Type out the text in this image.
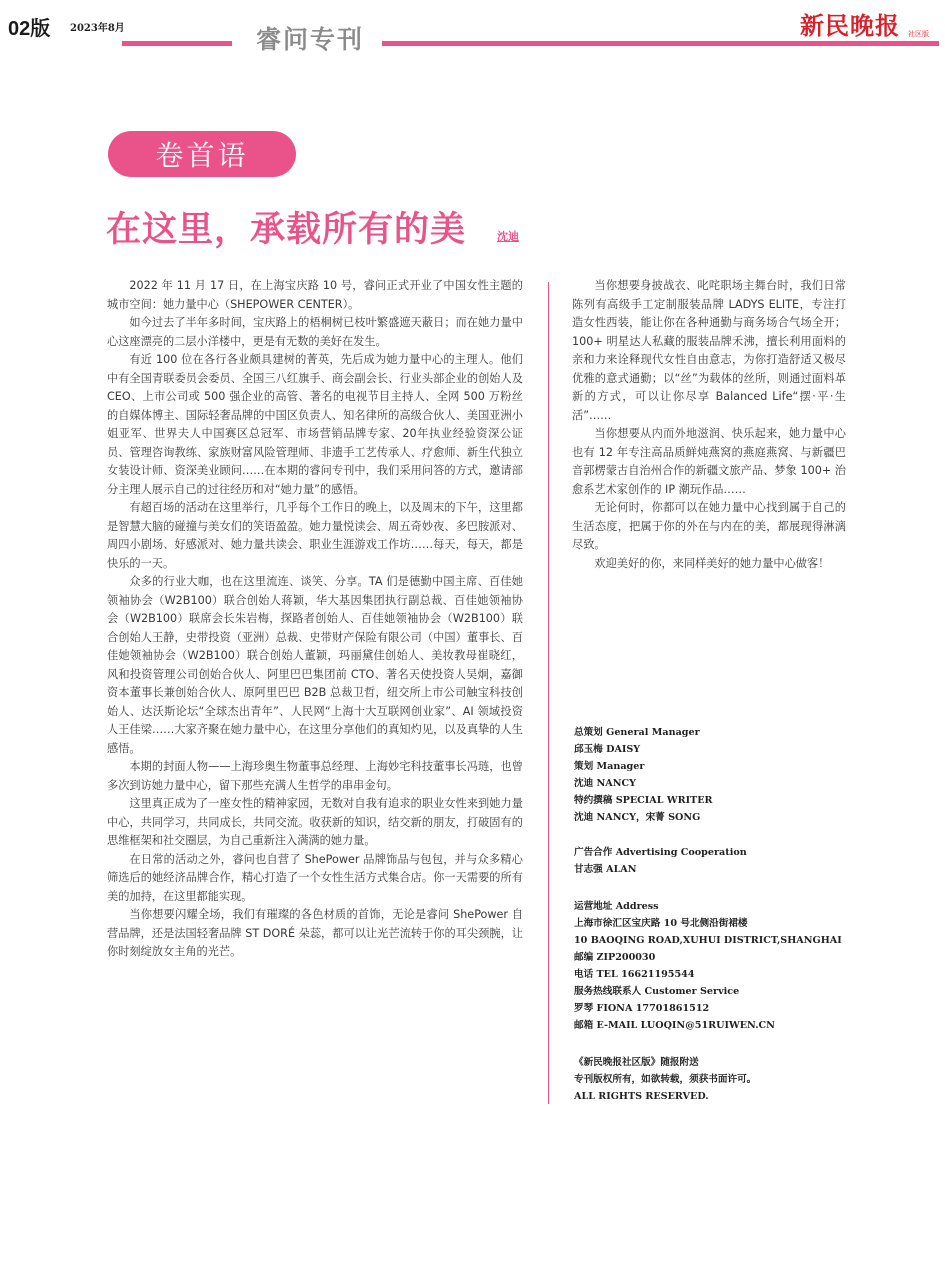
02版 2023年8月	睿问专刊	新民晚报 社区版
卷首语
在这里，承载所有的美	沈迪

2022 年 11 月 17 日，在上海宝庆路 10 号，睿问正式开业了中国女性主题的城市空间：她力量中心（SHEPOWER CENTER）。

如今过去了半年多时间，宝庆路上的梧桐树已枝叶繁盛遮天蔽日；而在她力量中心这座漂亮的二层小洋楼中，更是有无数的美好在发生。

有近 100 位在各行各业颇具建树的菁英，先后成为她力量中心的主理人。他们中有全国青联委员会委员、全国三八红旗手、商会副会长、行业头部企业的创始人及 CEO、上市公司或 500 强企业的高管、著名的电视节目主持人、全网 500 万粉丝的自媒体博主、国际轻奢品牌的中国区负责人、知名律所的高级合伙人、美国亚洲小姐亚军、世界夫人中国赛区总冠军、市场营销品牌专家、20年执业经验资深公证员、管理咨询教练、家族财富风险管理师、非遗手工艺传承人、疗愈师、新生代独立女装设计师、资深美业顾问……在本期的睿问专刊中，我们采用问答的方式，邀请部分主理人展示自己的过往经历和对“她力量”的感悟。

有超百场的活动在这里举行，几乎每个工作日的晚上，以及周末的下午，这里都是智慧大脑的碰撞与美女们的笑语盈盈。她力量悦读会、周五奇妙夜、多巴胺派对、周四小剧场、好感派对、她力量共读会、职业生涯游戏工作坊……每天，每天，都是快乐的一天。

众多的行业大咖，也在这里流连、谈笑、分享。TA 们是德勤中国主席、百佳她领袖协会（W2B100）联合创始人蒋颖，华大基因集团执行副总裁、百佳她领袖协会（W2B100）联席会长朱岩梅，探路者创始人、百佳她领袖协会（W2B100）联合创始人王静，史带投资（亚洲）总裁、史带财产保险有限公司（中国）董事长、百佳她领袖协会（W2B100）联合创始人董颖，玛丽黛佳创始人、美妆教母崔晓红，风和投资管理公司创始合伙人、阿里巴巴集团前 CTO、著名天使投资人吴炯，嘉御资本董事长兼创始合伙人、原阿里巴巴 B2B 总裁卫哲，纽交所上市公司触宝科技创始人、达沃斯论坛“全球杰出青年”、人民网“上海十大互联网创业家”、AI 领域投资人王佳梁……大家齐聚在她力量中心，在这里分享他们的真知灼见，以及真挚的人生感悟。

本期的封面人物——上海珍奥生物董事总经理、上海妙宅科技董事长冯琏，也曾多次到访她力量中心，留下那些充满人生哲学的串串金句。

这里真正成为了一座女性的精神家园，无数对自我有追求的职业女性来到她力量中心，共同学习，共同成长，共同交流。收获新的知识，结交新的朋友，打破固有的思维框架和社交圈层，为自己重新注入满满的她力量。

在日常的活动之外，睿问也自营了 ShePower 品牌饰品与包包，并与众多精心筛选后的她经济品牌合作，精心打造了一个女性生活方式集合店。你一天需要的所有美的加持，在这里都能实现。

当你想要闪耀全场，我们有璀璨的各色材质的首饰，无论是睿问 ShePower 自营品牌，还是法国轻奢品牌 ST DORÉ 朵蕊，都可以让光芒流转于你的耳尖颈腕，让你时刻绽放女主角的光芒。

当你想要身披战衣、叱咤职场主舞台时，我们日常陈列有高级手工定制服装品牌 LADYS ELITE，专注打造女性西装，能让你在各种通勤与商务场合气场全开；100+ 明星达人私藏的服装品牌禾沸，擅长利用面料的亲和力来诠释现代女性自由意志，为你打造舒适又极尽优雅的意式通勤；以“丝”为载体的丝所，则通过面料革新的方式，可以让你尽享 Balanced Life“摆·平·生活”……

当你想要从内而外地滋润、快乐起来，她力量中心也有 12 年专注高品质鲜炖燕窝的燕庭燕窝、与新疆巴音郭楞蒙古自治州合作的新疆文旅产品、梦象 100+ 治愈系艺术家创作的 IP 潮玩作品……

无论何时，你都可以在她力量中心找到属于自己的生活态度，把属于你的外在与内在的美，都展现得淋漓尽致。

欢迎美好的你，来同样美好的她力量中心做客！

总策划 General Manager
邱玉梅 DAISY
策划 Manager
沈迪 NANCY
特约撰稿 SPECIAL WRITER
沈迪 NANCY，宋菁 SONG
广告合作 Advertising Cooperation
甘志强 ALAN
运营地址 Address
上海市徐汇区宝庆路 10 号北侧沿街裙楼
10 BAOQING ROAD,XUHUI DISTRICT,SHANGHAI
邮编 ZIP200030
电话 TEL 16621195544
服务热线联系人 Customer Service
罗琴 FIONA 17701861512
邮箱 E-MAIL LUOQIN@51RUIWEN.CN
《新民晚报社区版》随报附送
专刊版权所有，如欲转载，须获书面许可。
ALL RIGHTS RESERVED.
